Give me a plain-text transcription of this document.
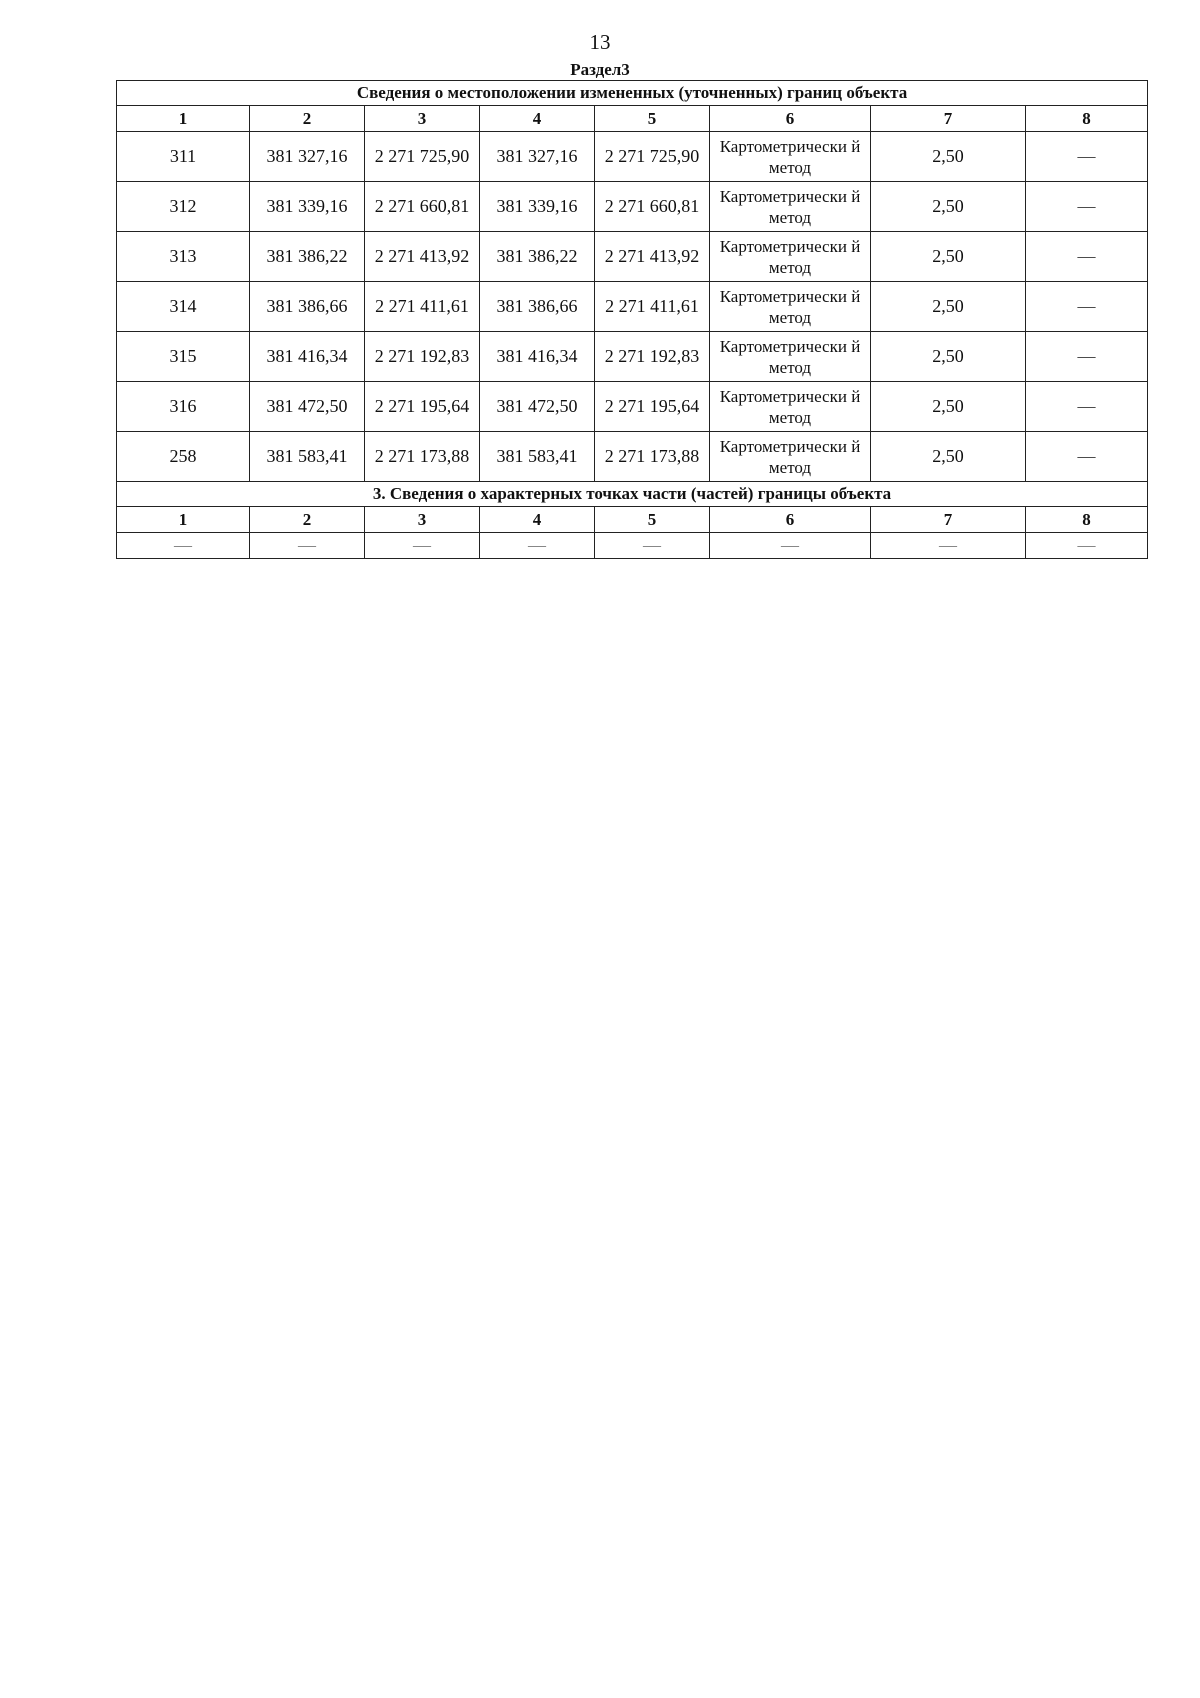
13
Раздел3
Сведения о местоположении измененных (уточненных) границ объекта							
1	2	3	4	5	6	7	8
311	381 327,16	2 271 725,90	381 327,16	2 271 725,90	Картометрически й метод	2,50	—
312	381 339,16	2 271 660,81	381 339,16	2 271 660,81	Картометрически й метод	2,50	—
313	381 386,22	2 271 413,92	381 386,22	2 271 413,92	Картометрически й метод	2,50	—
314	381 386,66	2 271 411,61	381 386,66	2 271 411,61	Картометрически й метод	2,50	—
315	381 416,34	2 271 192,83	381 416,34	2 271 192,83	Картометрически й метод	2,50	—
316	381 472,50	2 271 195,64	381 472,50	2 271 195,64	Картометрически й метод	2,50	—
258	381 583,41	2 271 173,88	381 583,41	2 271 173,88	Картометрически й метод	2,50	—
3. Сведения о характерных точках части (частей) границы объекта							
1	2	3	4	5	6	7	8
—	—	—	—	—	—	—	—
